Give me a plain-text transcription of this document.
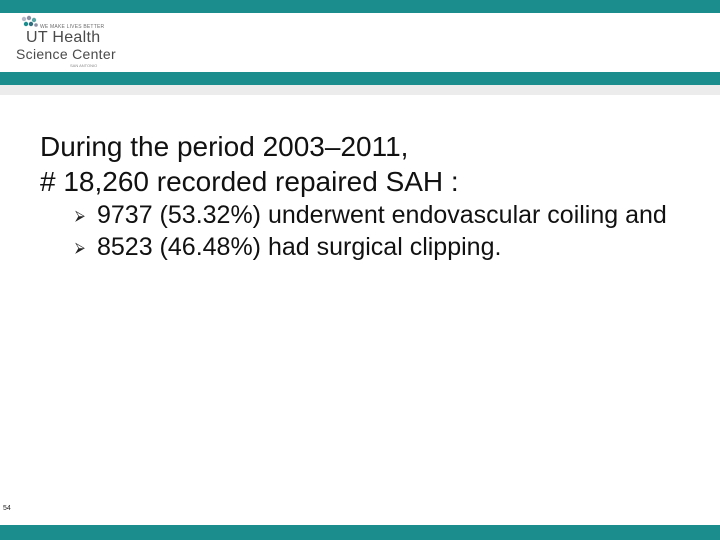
WE MAKE LIVES BETTER
UT Health
Science Center
SAN ANTONIO
During the period 2003–2011,
# 18,260 recorded repaired SAH :
⮚ 9737 (53.32%) underwent endovascular coiling and
⮚ 8523 (46.48%) had surgical clipping.
54
